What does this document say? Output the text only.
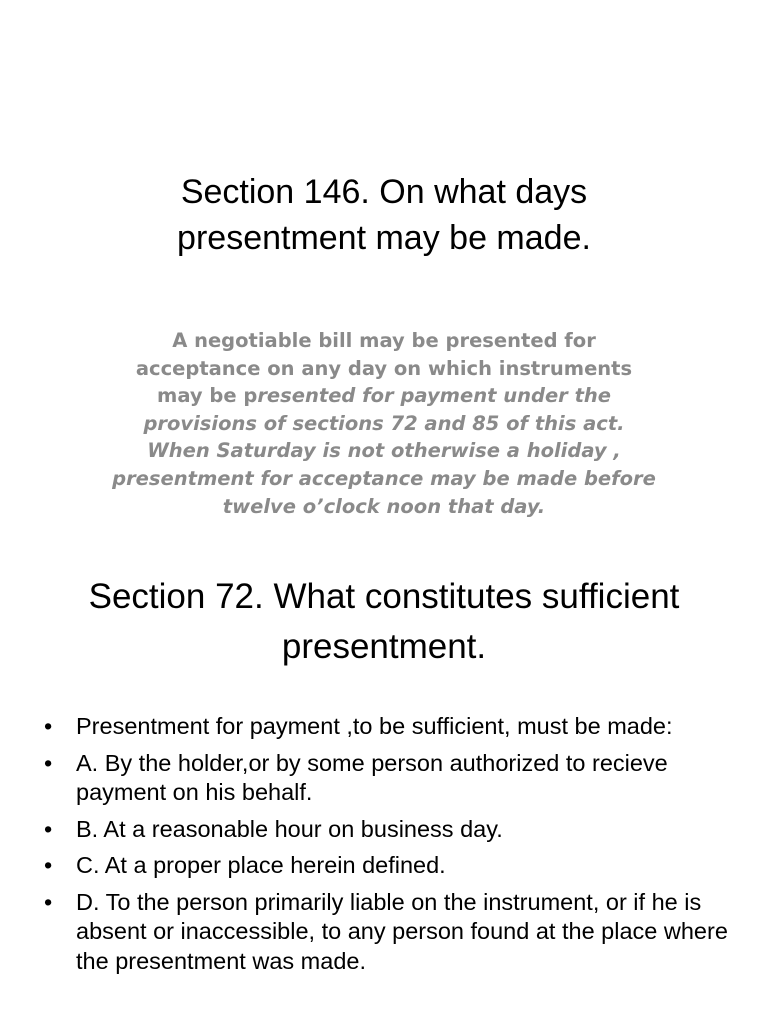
Section 146. On what days
presentment may be made.

A negotiable bill may be presented for acceptance on any day on which instruments may be presented for payment under the provisions of sections 72 and 85 of this act. When Saturday is not otherwise a holiday , presentment for acceptance may be made before twelve o’clock noon that day.

Section 72. What constitutes sufficient
presentment.
• Presentment for payment ,to be sufficient, must be made:
• A. By the holder,or by some person authorized to recieve payment on his behalf.
• B. At a reasonable hour on business day.
• C. At a proper place herein defined.
• D. To the person primarily liable on the instrument, or if he is absent or inaccessible, to any person found at the place where the presentment was made.
